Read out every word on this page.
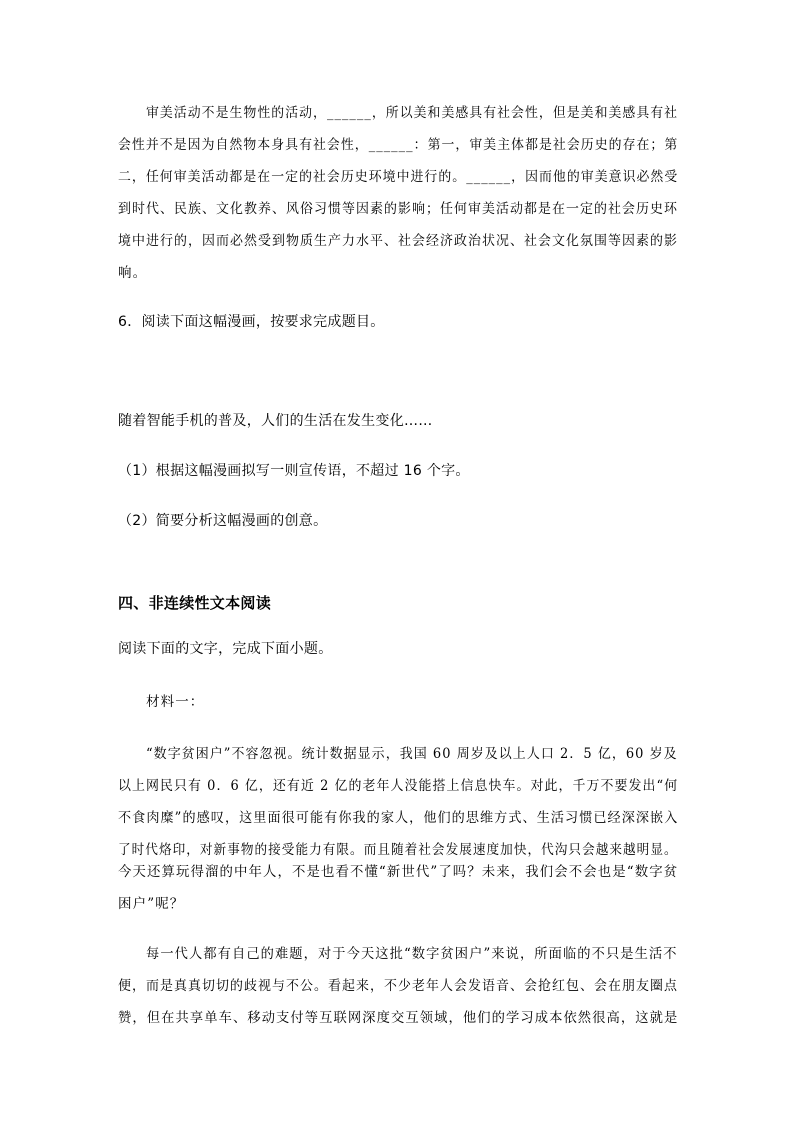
审美活动不是生物性的活动，______，所以美和美感具有社会性，但是美和美感具有社
会性并不是因为自然物本身具有社会性，______：第一，审美主体都是社会历史的存在；第
二，任何审美活动都是在一定的社会历史环境中进行的。______，因而他的审美意识必然受
到时代、民族、文化教养、风俗习惯等因素的影响；任何审美活动都是在一定的社会历史环
境中进行的，因而必然受到物质生产力水平、社会经济政治状况、社会文化氛围等因素的影
响。
6．阅读下面这幅漫画，按要求完成题目。
随着智能手机的普及，人们的生活在发生变化……
（1）根据这幅漫画拟写一则宣传语，不超过 16 个字。
（2）简要分析这幅漫画的创意。
四、非连续性文本阅读
阅读下面的文字，完成下面小题。
材料一：
“数字贫困户”不容忽视。统计数据显示，我国 60 周岁及以上人口 2．5 亿，60 岁及
以上网民只有 0．6 亿，还有近 2 亿的老年人没能搭上信息快车。对此，千万不要发出“何
不食肉糜”的感叹，这里面很可能有你我的家人，他们的思维方式、生活习惯已经深深嵌入
了时代烙印，对新事物的接受能力有限。而且随着社会发展速度加快，代沟只会越来越明显。
今天还算玩得溜的中年人，不是也看不懂“新世代”了吗？未来，我们会不会也是“数字贫
困户”呢？
每一代人都有自己的难题，对于今天这批“数字贫困户”来说，所面临的不只是生活不
便，而是真真切切的歧视与不公。看起来，不少老年人会发语音、会抢红包、会在朋友圈点
赞，但在共享单车、移动支付等互联网深度交互领域，他们的学习成本依然很高，这就是
